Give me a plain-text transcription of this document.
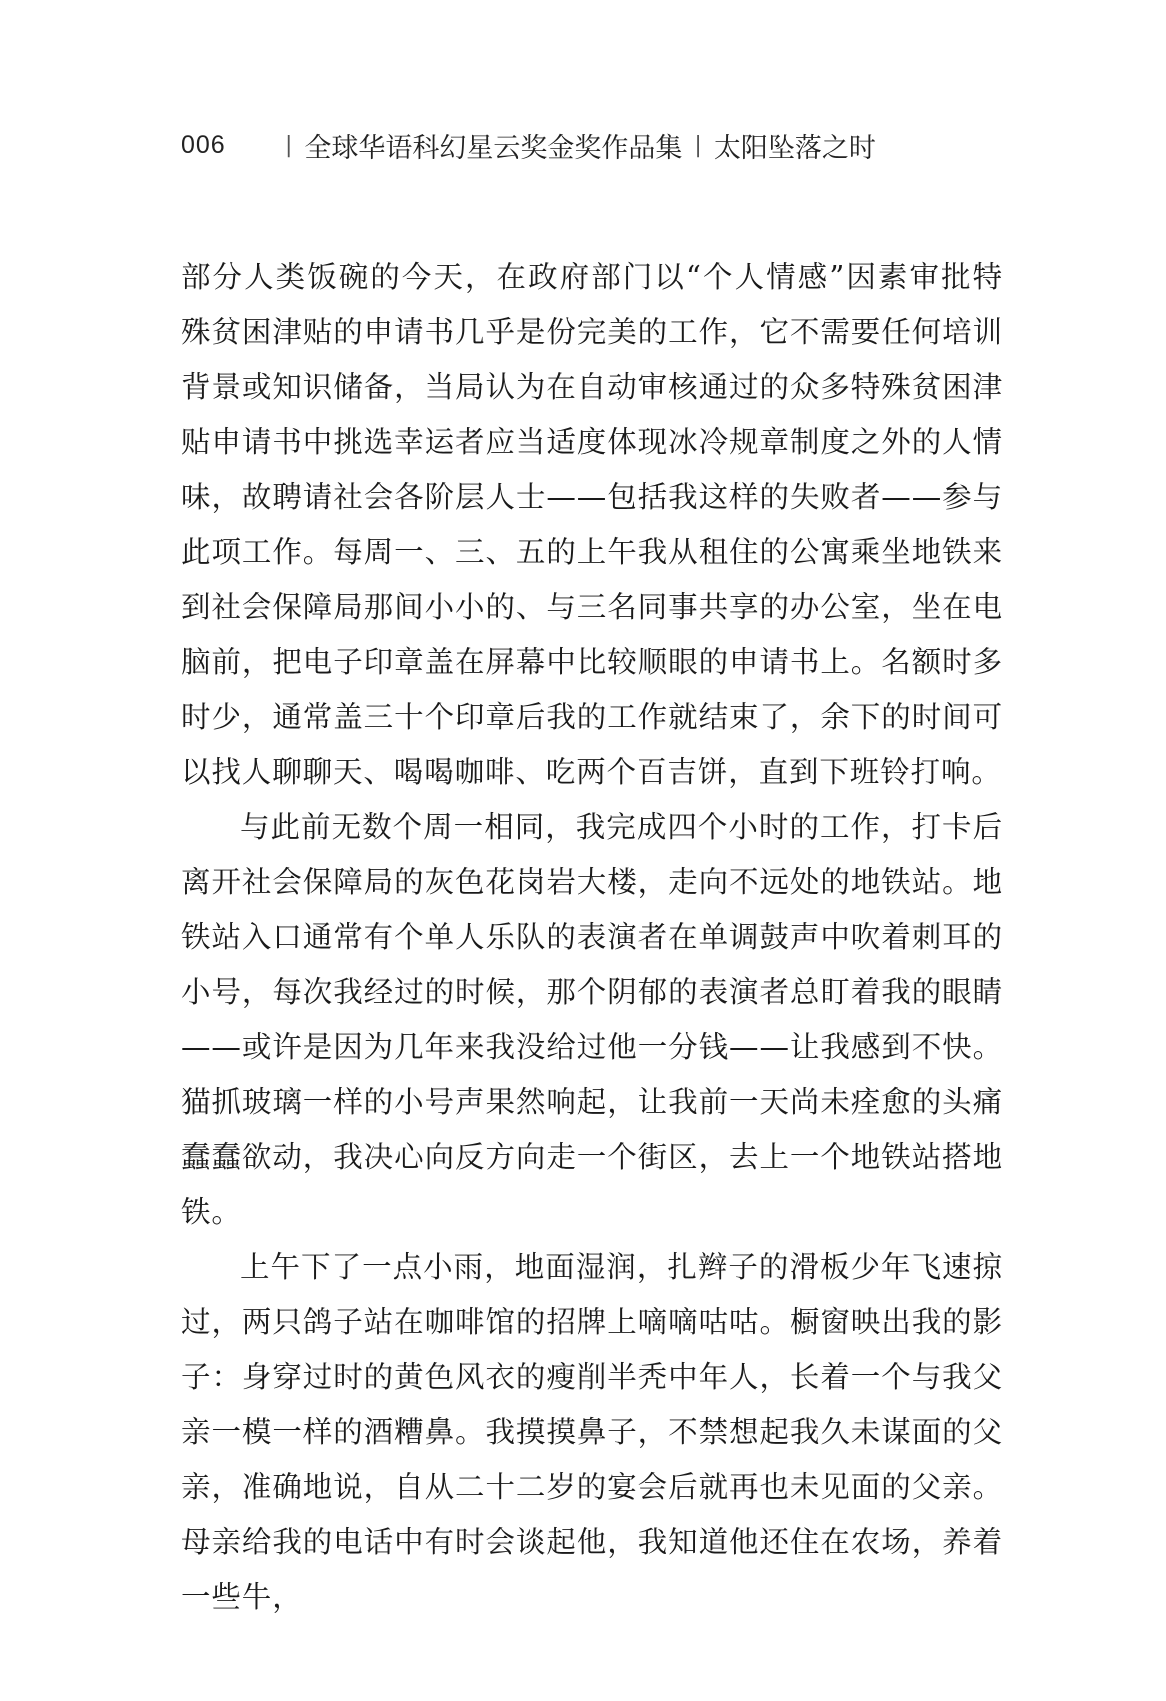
006	| 全球华语科幻星云奖金奖作品集 | 太阳坠落之时

部分人类饭碗的今天，在政府部门以“个人情感”因素审批特殊贫困津贴的申请书几乎是份完美的工作，它不需要任何培训背景或知识储备，当局认为在自动审核通过的众多特殊贫困津贴申请书中挑选幸运者应当适度体现冰冷规章制度之外的人情味，故聘请社会各阶层人士——包括我这样的失败者——参与此项工作。每周一、三、五的上午我从租住的公寓乘坐地铁来到社会保障局那间小小的、与三名同事共享的办公室，坐在电脑前，把电子印章盖在屏幕中比较顺眼的申请书上。名额时多时少，通常盖三十个印章后我的工作就结束了，余下的时间可以找人聊聊天、喝喝咖啡、吃两个百吉饼，直到下班铃打响。

与此前无数个周一相同，我完成四个小时的工作，打卡后离开社会保障局的灰色花岗岩大楼，走向不远处的地铁站。地铁站入口通常有个单人乐队的表演者在单调鼓声中吹着刺耳的小号，每次我经过的时候，那个阴郁的表演者总盯着我的眼睛——或许是因为几年来我没给过他一分钱——让我感到不快。猫抓玻璃一样的小号声果然响起，让我前一天尚未痊愈的头痛蠢蠢欲动，我决心向反方向走一个街区，去上一个地铁站搭地铁。

上午下了一点小雨，地面湿润，扎辫子的滑板少年飞速掠过，两只鸽子站在咖啡馆的招牌上嘀嘀咕咕。橱窗映出我的影子：身穿过时的黄色风衣的瘦削半秃中年人，长着一个与我父亲一模一样的酒糟鼻。我摸摸鼻子，不禁想起我久未谋面的父亲，准确地说，自从二十二岁的宴会后就再也未见面的父亲。母亲给我的电话中有时会谈起他，我知道他还住在农场，养着一些牛，
